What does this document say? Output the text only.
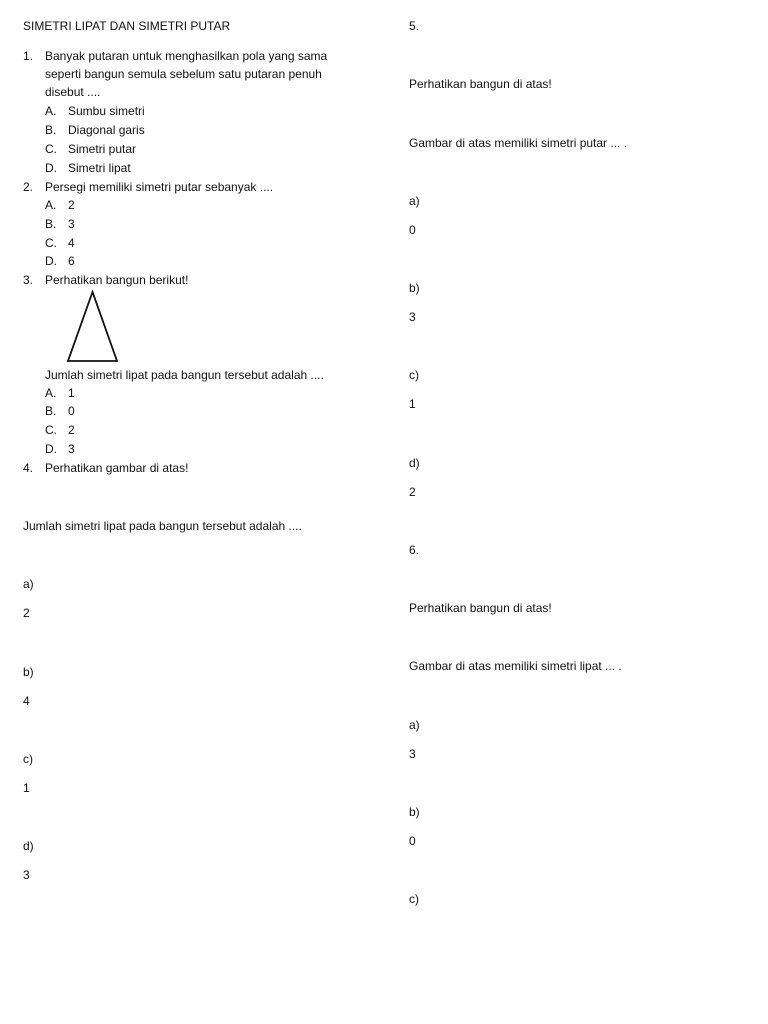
SIMETRI LIPAT DAN SIMETRI PUTAR
1. Banyak putaran untuk menghasilkan pola yang sama
seperti bangun semula sebelum satu putaran penuh
disebut ....
A. Sumbu simetri
B. Diagonal garis
C. Simetri putar
D. Simetri lipat
2. Persegi memiliki simetri putar sebanyak ....
A. 2
B. 3
C. 4
D. 6
3. Perhatikan bangun berikut!
Jumlah simetri lipat pada bangun tersebut adalah ....
A. 1
B. 0
C. 2
D. 3
4. Perhatikan gambar di atas!
Jumlah simetri lipat pada bangun tersebut adalah ....
a)
2
b)
4
c)
1
d)
3
5.
Perhatikan bangun di atas!
Gambar di atas memiliki simetri putar ... .
a)
0
b)
3
c)
1
d)
2
6.
Perhatikan bangun di atas!
Gambar di atas memiliki simetri lipat ... .
a)
3
b)
0
c)
